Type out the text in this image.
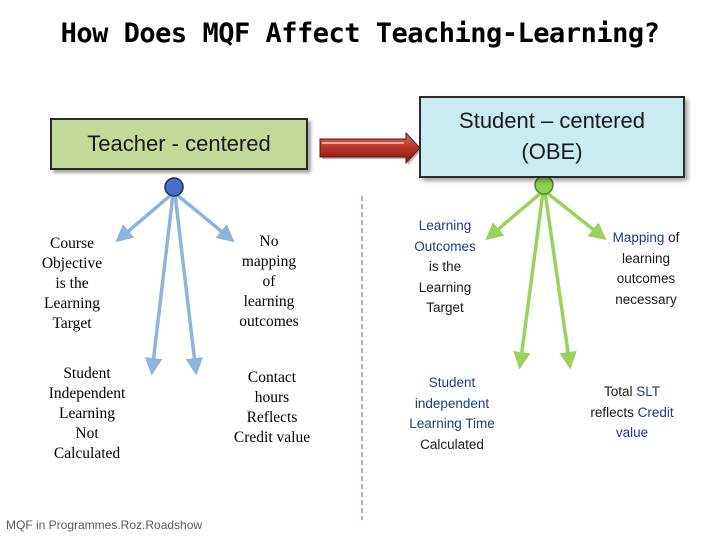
How Does MQF Affect Teaching-Learning?
Teacher - centered
Student – centered
(OBE)
Course
Objective
is the
Learning
Target
No
mapping
of
learning
outcomes
Student
Independent
Learning
Not
Calculated
Contact
hours
Reflects
Credit value
Learning
Outcomes
is the
Learning
Target
Mapping of
learning
outcomes
necessary
Student
independent
Learning Time
Calculated
Total SLT
reflects Credit
value
MQF in Programmes.Roz.Roadshow
